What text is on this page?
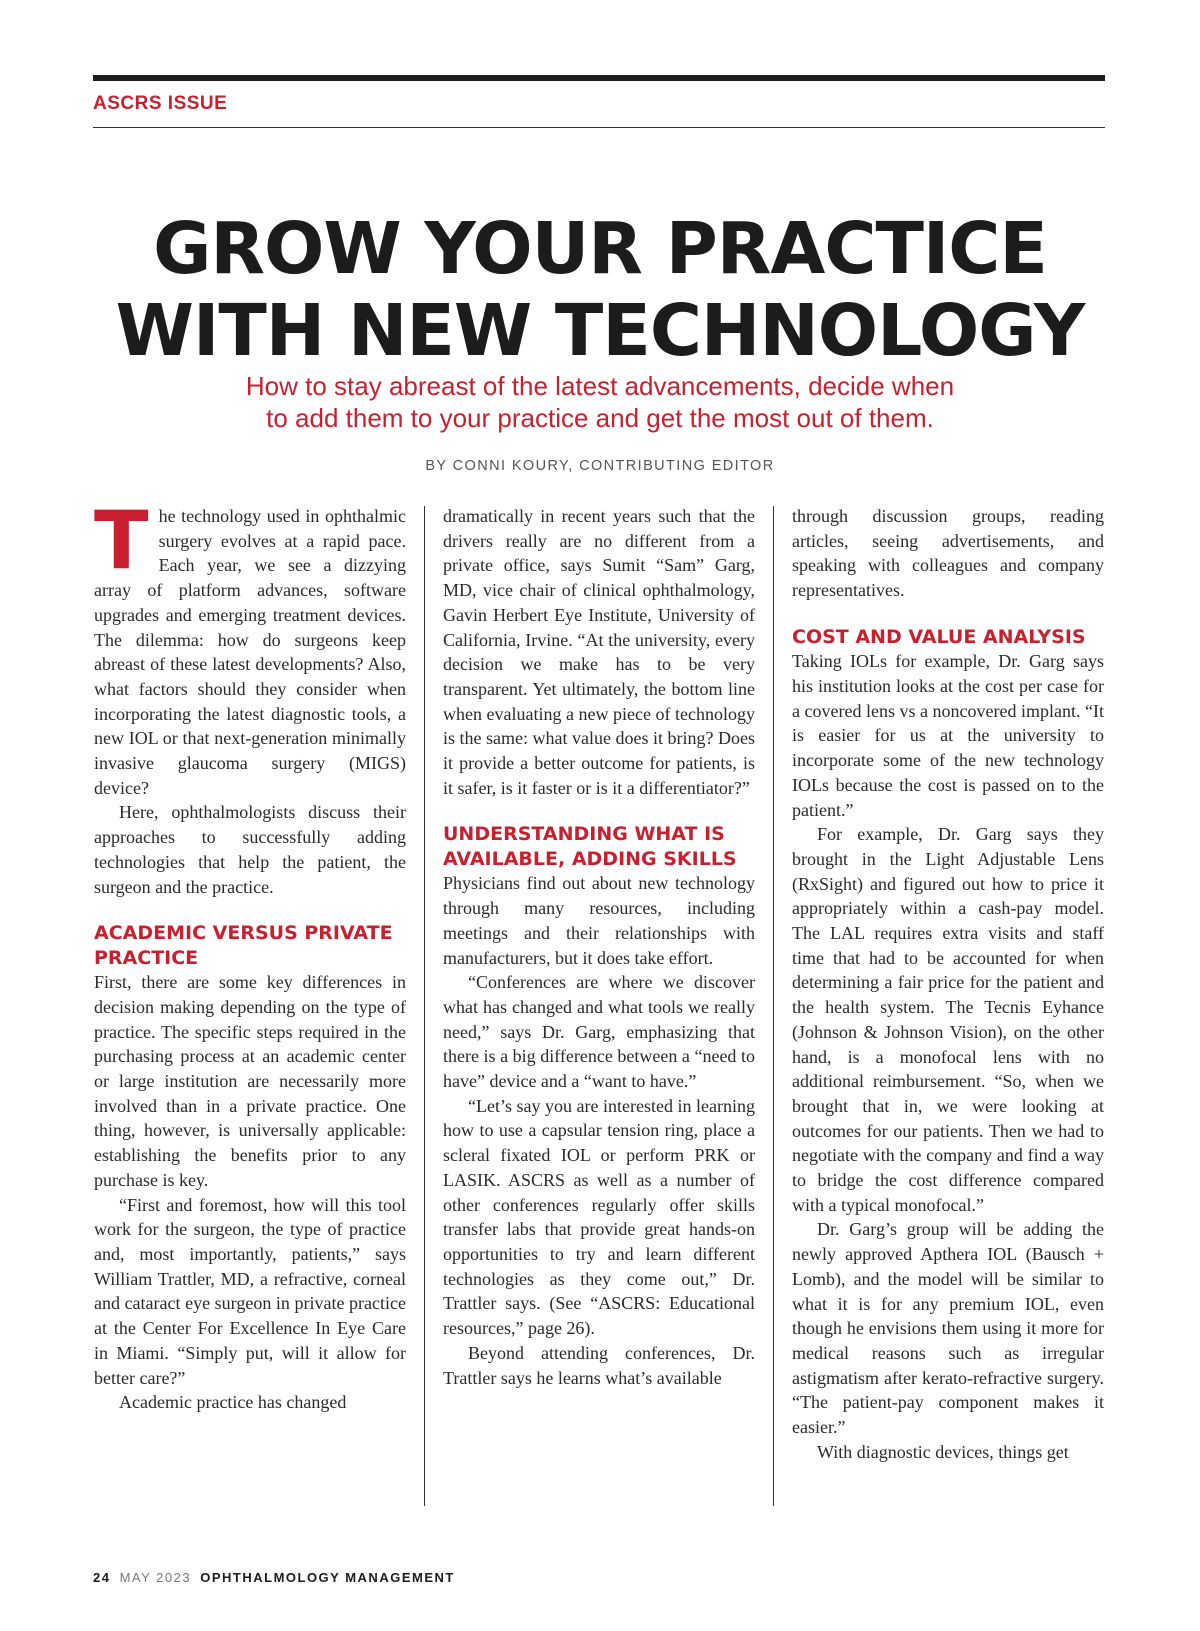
ASCRS ISSUE
GROW YOUR PRACTICE
WITH NEW TECHNOLOGY

How to stay abreast of the latest advancements, decide when
to add them to your practice and get the most out of them.

BY CONNI KOURY, CONTRIBUTING EDITOR

The technology used in ophthalmic surgery evolves at a rapid pace. Each year, we see a dizzying array of platform advances, software upgrades and emerging treatment devices. The dilemma: how do surgeons keep abreast of these latest developments? Also, what factors should they consider when incorporating the latest diagnostic tools, a new IOL or that next-generation minimally invasive glaucoma surgery (MIGS) device?

Here, ophthalmologists discuss their approaches to successfully adding technologies that help the patient, the surgeon and the practice.

ACADEMIC VERSUS PRIVATE PRACTICE

First, there are some key differences in decision making depending on the type of practice. The specific steps required in the purchasing process at an academic center or large institution are necessarily more involved than in a private practice. One thing, however, is universally applicable: establishing the benefits prior to any purchase is key.

“First and foremost, how will this tool work for the surgeon, the type of practice and, most importantly, patients,” says William Trattler, MD, a refractive, corneal and cataract eye surgeon in private practice at the Center For Excellence In Eye Care in Miami. “Simply put, will it allow for better care?”

Academic practice has changed

dramatically in recent years such that the drivers really are no different from a private office, says Sumit “Sam” Garg, MD, vice chair of clinical ophthalmology, Gavin Herbert Eye Institute, University of California, Irvine. “At the university, every decision we make has to be very transparent. Yet ultimately, the bottom line when evaluating a new piece of technology is the same: what value does it bring? Does it provide a better outcome for patients, is it safer, is it faster or is it a differentiator?”

UNDERSTANDING WHAT IS AVAILABLE, ADDING SKILLS

Physicians find out about new technology through many resources, including meetings and their relationships with manufacturers, but it does take effort.

“Conferences are where we discover what has changed and what tools we really need,” says Dr. Garg, emphasizing that there is a big difference between a “need to have” device and a “want to have.”

“Let’s say you are interested in learning how to use a capsular tension ring, place a scleral fixated IOL or perform PRK or LASIK. ASCRS as well as a number of other conferences regularly offer skills transfer labs that provide great hands-on opportunities to try and learn different technologies as they come out,” Dr. Trattler says. (See “ASCRS: Educational resources,” page 26).

Beyond attending conferences, Dr. Trattler says he learns what’s available

through discussion groups, reading articles, seeing advertisements, and speaking with colleagues and company representatives.

COST AND VALUE ANALYSIS

Taking IOLs for example, Dr. Garg says his institution looks at the cost per case for a covered lens vs a noncovered implant. “It is easier for us at the university to incorporate some of the new technology IOLs because the cost is passed on to the patient.”

For example, Dr. Garg says they brought in the Light Adjustable Lens (RxSight) and figured out how to price it appropriately within a cash-pay model. The LAL requires extra visits and staff time that had to be accounted for when determining a fair price for the patient and the health system. The Tecnis Eyhance (Johnson & Johnson Vision), on the other hand, is a monofocal lens with no additional reimbursement. “So, when we brought that in, we were looking at outcomes for our patients. Then we had to negotiate with the company and find a way to bridge the cost difference compared with a typical monofocal.”

Dr. Garg’s group will be adding the newly approved Apthera IOL (Bausch + Lomb), and the model will be similar to what it is for any premium IOL, even though he envisions them using it more for medical reasons such as irregular astigmatism after kerato-refractive surgery. “The patient-pay component makes it easier.”

With diagnostic devices, things get

24 MAY 2023 OPHTHALMOLOGY MANAGEMENT
